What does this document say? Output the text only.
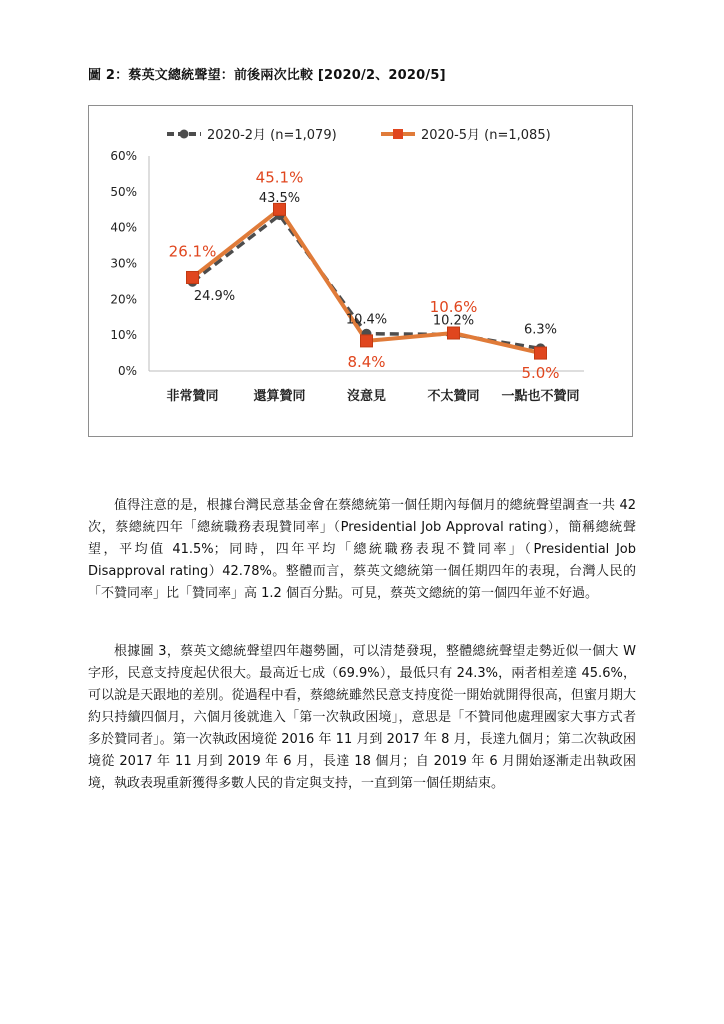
圖 2：蔡英文總統聲望：前後兩次比較 [2020/2、2020/5]
0%
10%
20%
30%
40%
50%
60%
非常贊同	還算贊同	沒意見	不太贊同 一點也不贊同
2020-2月 (n=1,079)	2020-5月 (n=1,085)
24.9%
43.5%
10.4%	10.2%
6.3%
26.1%
45.1%
8.4%
10.6%
5.0%

值得注意的是，根據台灣民意基金會在蔡總統第一個任期內每個月的總統聲望調查一共 42 次，蔡總統四年「總統職務表現贊同率」（Presidential Job Approval rating），簡稱總統聲望，平均值 41.5%；同時，四年平均「總統職務表現不贊同率」（Presidential Job Disapproval rating）42.78%。整體而言，蔡英文總統第一個任期四年的表現，台灣人民的「不贊同率」比「贊同率」高 1.2 個百分點。可見，蔡英文總統的第一個四年並不好過。

根據圖 3，蔡英文總統聲望四年趨勢圖，可以清楚發現，整體總統聲望走勢近似一個大 W 字形，民意支持度起伏很大。最高近七成（69.9%），最低只有 24.3%，兩者相差達 45.6%，可以說是天跟地的差別。從過程中看，蔡總統雖然民意支持度從一開始就開得很高，但蜜月期大約只持續四個月，六個月後就進入「第一次執政困境」，意思是「不贊同他處理國家大事方式者多於贊同者」。第一次執政困境從 2016 年 11 月到 2017 年 8 月，長達九個月；第二次執政困境從 2017 年 11 月到 2019 年 6 月，長達 18 個月；自 2019 年 6 月開始逐漸走出執政困境，執政表現重新獲得多數人民的肯定與支持，一直到第一個任期結束。
